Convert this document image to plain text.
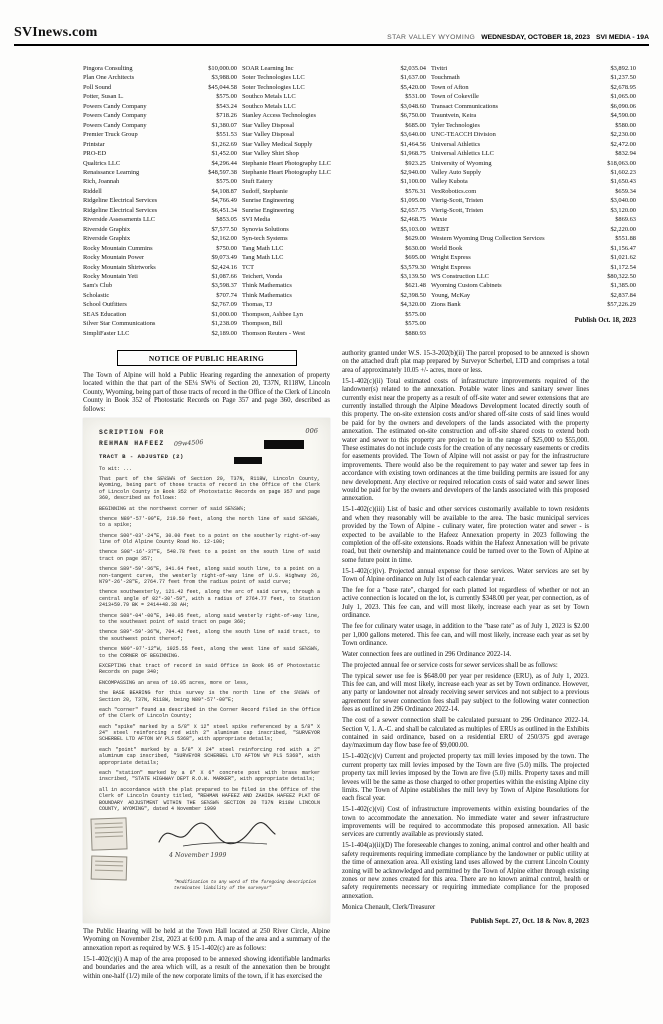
SVInews.com	STAR VALLEY WYOMING WEDNESDAY, OCTOBER 18, 2023 SVI MEDIA - 19A
Pingora Consulting	$10,000.00
Plan One Architects	$3,988.00
Poll Sound	$45,044.58
Potter, Susan L.	$575.00
Powers Candy Company	$543.24
Powers Candy Company	$718.26
Powers Candy Company	$1,380.07
Premier Truck Group	$551.53
Printstar	$1,262.69
PRO-ED	$1,452.00
Qualtrics LLC	$4,296.44
Renaissance Learning	$48,597.38
Rich, Joannah	$575.00
Riddell	$4,108.87
Ridgeline Electrical Services	$4,766.49
Ridgeline Electrical Services	$6,451.34
Riverside Assessments LLC	$853.05
Riverside Graphix	$7,577.50
Riverside Graphix	$2,162.00
Rocky Mountain Cummins	$750.00
Rocky Mountain Power	$9,073.49
Rocky Mountain Shirtworks	$2,424.16
Rocky Mountain Yeti	$1,087.66
Sam's Club	$3,598.37
Scholastic	$707.74
School Outfitters	$2,767.09
SEAS Education	$1,000.00
Silver Star Communications	$1,238.09
SimpliFaster LLC	$2,189.00
SOAR Learning Inc	$2,035.04
Soter Technologies LLC	$1,637.00
Soter Technologies LLC	$5,420.00
Southco Metals LLC	$531.00
Southco Metals LLC	$3,048.60
Stanley Access Technologies	$6,750.00
Star Valley Disposal	$685.00
Star Valley Disposal	$3,640.00
Star Valley Medical Supply	$1,464.56
Star Valley Shirt Shop	$1,968.75
Stephanie Heart Photography LLC	$923.25
Stephanie Heart Photography LLC	$2,940.00
Stuft Eatery	$1,100.00
Sudoff, Stephanie	$576.31
Sunrise Engineering	$1,095.00
Sunrise Engineering	$2,657.75
SVI Media	$2,468.75
Synovia Solutions	$5,103.00
Syn-tech Systems	$629.00
Tang Math LLC	$630.00
Tang Math LLC	$695.00
TCT	$3,579.30
Teichert, Vonda	$3,139.50
Think Mathematics	$621.48
Think Mathematics	$2,398.50
Thomas, TJ	$4,320.00
Thompson, Ashbee Lyn	$575.00
Thompson, Bill	$575.00
Thomson Reuters - West	$880.93
Tivitri	$3,892.10
Touchmath	$1,237.50
Town of Afton	$2,678.95
Town of Cokeville	$1,065.00
Transact Communications	$6,090.06
Trauntvein, Keira	$4,590.00
Tyler Technologies	$580.00
UNC-TEACCH Division	$2,230.00
Universal Athletics	$2,472.00
Universal Athletics LLC	$832.94
University of Wyoming	$18,063.00
Valley Auto Supply	$1,602.23
Valley Kubota	$1,650.43
VexRobotics.com	$659.34
Vierig-Scott, Tristen	$3,040.00
Vierig-Scott, Tristen	$3,120.00
Waxie	$869.63
WEBT	$2,220.00
Western Wyoming Drug Collection Services	$551.88
World Book	$1,156.47
Wright Express	$1,021.62
Wright Express	$1,172.54
WS Construction LLC	$80,322.50
Wyoming Custom Cabinets	$1,385.00
Young, McKay	$2,837.84
Zions Bank	$57,226.29
Publish Oct. 18, 2023
NOTICE OF PUBLIC HEARING

The Town of Alpine will hold a Public Hearing regarding the annexation of property located within the that part of the SE¼ SW¼ of Section 20, T37N, R118W, Lincoln County, Wyoming, being part of those tracts of record in the Office of the Clerk of Lincoln County in Book 352 of Photostatic Records on Page 357 and page 360, described as follows:

SCRIPTION FOR
REHMAN HAFEEZ 09w4506
TRACT B - ADJUSTED (2)
006

To wit: ...

That part of the SE¼SW¼ of Section 20, T37N, R118W, Lincoln County, Wyoming, being part of those tracts of record in the Office of the Clerk of Lincoln County in Book 352 of Photostatic Records on page 357 and page 360, described as follows:

BEGINNING at the northwest corner of said SE¼SW¼;

thence N89°-57'-00"E, 219.50 feet, along the north line of said SE¼SW¼, to a spike;

thence S00°-03'-24"E, 30.00 feet to a point on the southerly right-of-way line of Old Alpine County Road No. 12-100;

thence S08°-16'-37"E, 548.78 feet to a point on the south line of said tract on page 357;

thence S89°-59'-36"E, 341.64 feet, along said south line, to a point on a non-tangent curve, the westerly right-of-way line of U.S. Highway 26, N79°-26'-28"E, 2764.77 feet from the radius point of said curve;

thence southwesterly, 121.42 feet, along the arc of said curve, through a central angle of 02°-30'-59", with a radius of 2764.77 feet, to Station 2413+59.79 BK = 2414+48.38 AH;

thence S08°-04'-00"E, 340.05 feet, along said westerly right-of-way line, to the southeast point of said tract on page 360;

thence S89°-59'-36"W, 704.42 feet, along the south line of said tract, to the southwest point thereof;

thence N00°-07'-12"W, 1025.55 feet, along the west line of said SE¼SW¼, to the CORNER OF BEGINNING.

EXCEPTING that tract of record in said Office in Book 95 of Photostatic Records on page 340;

ENCOMPASSING an area of 10.05 acres, more or less,

the BASE BEARING for this survey is the north line of the S½SW¼ of Section 20, T37N, R118W, being N89°-57'-00"E;

each "corner" found as described in the Corner Record filed in the Office of the Clerk of Lincoln County;

each "spike" marked by a 5/8" X 12" steel spike referenced by a 5/8" X 24" steel reinforcing rod with 2" aluminum cap inscribed, "SURVEYOR SCHERBEL LTD AFTON WY PLS 5368", with appropriate details;

each "point" marked by a 5/8" X 24" steel reinforcing rod with a 2" aluminum cap inscribed, "SURVEYOR SCHERBEL LTD AFTON WY PLS 5368", with appropriate details;

each "station" marked by a 6" X 6" concrete post with brass marker inscribed, "STATE HIGHWAY DEPT R.O.W. MARKER", with appropriate details;

all in accordance with the plat prepared to be filed in the Office of the Clerk of Lincoln County titled, "REHMAN HAFEEZ AND ZAHIDA HAFEEZ PLAT OF BOUNDARY ADJUSTMENT WITHIN THE SE¼SW¼ SECTION 20 T37N R118W LINCOLN COUNTY, WYOMING", dated 4 November 1999

4 November 1999
"Modification to any word of the foregoing description terminates liability of the surveyor"

The Public Hearing will be held at the Town Hall located at 250 River Circle, Alpine Wyoming on November 21st, 2023 at 6:00 p.m. A map of the area and a summary of the annexation report as required by W.S. § 15-1-402(c) are as follows:

15-1-402(c)(i) A map of the area proposed to be annexed showing identifiable landmarks and boundaries and the area which will, as a result of the annexation then be brought within one-half (1/2) mile of the new corporate limits of the town, if it has exercised the

authority granted under W.S. 15-3-202(b)(ii) The parcel proposed to be annexed is shown on the attached draft plat map prepared by Surveyor Scherbel, LTD and comprises a total area of approximately 10.05 +/- acres, more or less.

15-1-402(c)(ii) Total estimated costs of infrastructure improvements required of the landowner(s) related to the annexation. Potable water lines and sanitary sewer lines currently exist near the property as a result of off-site water and sewer extensions that are currently installed through the Alpine Meadows Development located directly south of this property. The on-site extension costs and/or shared off-site costs of said lines would be paid for by the owners and developers of the lands associated with the property annexation. The estimated on-site construction and off-site shared costs to extend both water and sewer to this property are project to be in the range of $25,000 to $55,000. These estimates do not include costs for the creation of any necessary easements or credits for easements provided. The Town of Alpine will not assist or pay for the infrastructure improvements. There would also be the requirement to pay water and sewer tap fees in accordance with existing town ordinances at the time building permits are issued for any new development. Any elective or required relocation costs of said water and sewer lines would be paid for by the owners and developers of the lands associated with this proposed annexation.

15-1-402(c)(iii) List of basic and other services customarily available to town residents and when they reasonably will be available to the area. The basic municipal services provided by the Town of Alpine - culinary water, fire protection water and sewer - is expected to be available to the Hafeez Annexation property in 2023 following the completion of the off-site extensions. Roads within the Hafeez Annexation will be private road, but their ownership and maintenance could be turned over to the Town of Alpine at some future point in time.

15-1-402(c)(iv). Projected annual expense for those services. Water services are set by Town of Alpine ordinance on July 1st of each calendar year.

The fee for a "base rate", charged for each platted lot regardless of whether or not an active connection is located on the lot, is currently $348.00 per year, per connection, as of July 1, 2023. This fee can, and will most likely, increase each year as set by Town ordinance.

The fee for culinary water usage, in addition to the "base rate" as of July 1, 2023 is $2.00 per 1,000 gallons metered. This fee can, and will most likely, increase each year as set by Town ordinance.

Water connection fees are outlined in 296 Ordinance 2022-14.

The projected annual fee or service costs for sewer services shall be as follows:

The typical sewer use fee is $648.00 per year per residence (ERU), as of July 1, 2023. This fee can, and will most likely, increase each year as set by Town ordinance. However, any party or landowner not already receiving sewer services and not subject to a previous agreement for sewer connection fees shall pay subject to the following water connection fees as outlined in 296 Ordinance 2022-14.

The cost of a sewer connection shall be calculated pursuant to 296 Ordinance 2022-14. Section V, 1. A.-C. and shall be calculated as multiples of ERUs as outlined in the Exhibits contained in said ordinance, based on a residential ERU of 250/375 gpd average day/maximum day flow base fee of $9,000.00.

15-1-402(c)(v) Current and projected property tax mill levies imposed by the town. The current property tax mill levies imposed by the Town are five (5.0) mills. The projected property tax mill levies imposed by the Town are five (5.0) mills. Property taxes and mill levees will be the same as those charged to other properties within the existing Alpine city limits. The Town of Alpine establishes the mill levy by Town of Alpine Resolutions for each fiscal year.

15-1-402(c)(vi) Cost of infrastructure improvements within existing boundaries of the town to accommodate the annexation. No immediate water and sewer infrastructure improvements will be required to accommodate this proposed annexation. All basic services are currently available as previously stated.

15-1-404(a)(ii)(D) The foreseeable changes to zoning, animal control and other health and safety requirements requiring immediate compliance by the landowner or public utility at the time of annexation area. All existing land uses allowed by the current Lincoln County zoning will be acknowledged and permitted by the Town of Alpine either through existing zones or new zones created for this area. There are no known animal control, health or safety requirements necessary or requiring immediate compliance for the proposed annexation.

Monica Chenault, Clerk/Treasurer

Publish Sept. 27, Oct. 18 & Nov. 8, 2023
